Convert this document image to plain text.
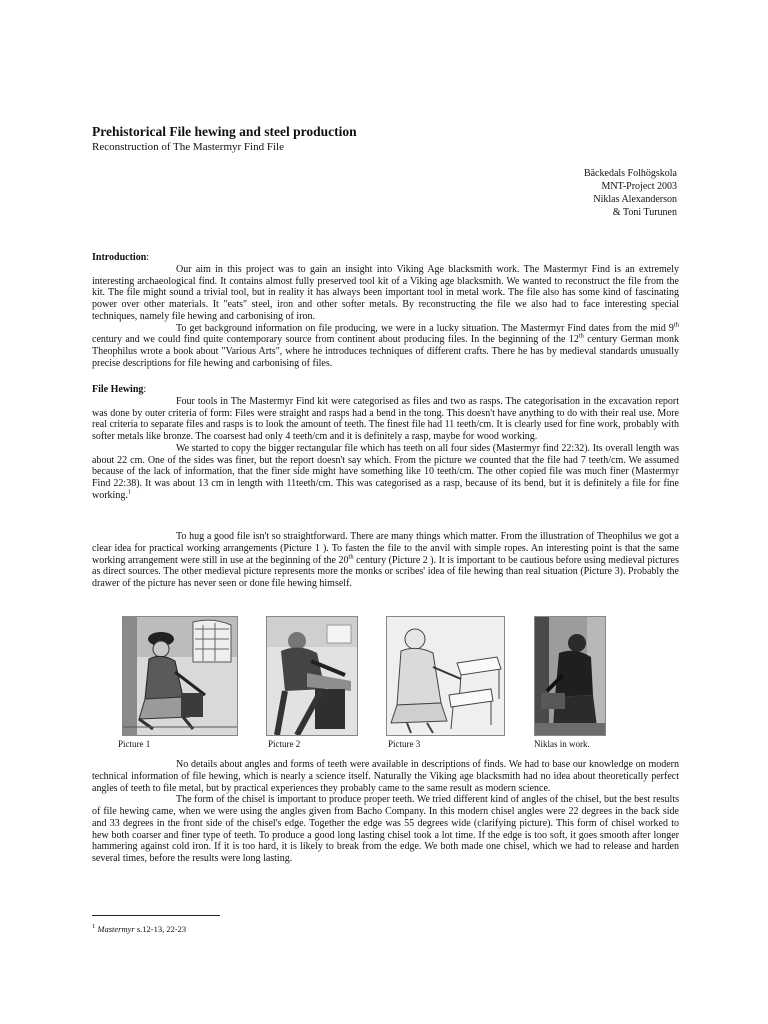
Prehistorical File hewing and steel production
Reconstruction of The Mastermyr Find File
Bäckedals Folhögskola
MNT-Project 2003
Niklas Alexanderson
& Toni Turunen

Introduction:

Our aim in this project was to gain an insight into Viking Age blacksmith work. The Mastermyr Find is an extremely interesting archaeological find. It contains almost fully preserved tool kit of a Viking age blacksmith. We wanted to reconstruct the file from the kit. The file might sound a trivial tool, but in reality it has always been important tool in metal work. The file also has some kind of fascinating power over other materials. It "eats" steel, iron and other softer metals. By reconstructing the file we also had to face interesting special techniques, namely file hewing and carbonising of iron.

To get background information on file producing, we were in a lucky situation. The Mastermyr Find dates from the mid 9th century and we could find quite contemporary source from continent about producing files. In the beginning of the 12th century German monk Theophilus wrote a book about "Various Arts", where he introduces techniques of different crafts. There he has by medieval standards unusually precise descriptions for file hewing and carbonising of files.

File Hewing:

Four tools in The Mastermyr Find kit were categorised as files and two as rasps. The categorisation in the excavation report was done by outer criteria of form: Files were straight and rasps had a bend in the tong. This doesn't have anything to do with their real use. More real criteria to separate files and rasps is to look the amount of teeth. The finest file had 11 teeth/cm. It is clearly used for fine work, probably with softer metals like bronze. The coarsest had only 4 teeth/cm and it is definitely a rasp, maybe for wood working.

We started to copy the bigger rectangular file which has teeth on all four sides (Mastermyr find 22:32). Its overall length was about 22 cm. One of the sides was finer, but the report doesn't say which. From the picture we counted that the file had 7 teeth/cm. We assumed because of the lack of information, that the finer side might have something like 10 teeth/cm. The other copied file was much finer (Mastermyr Find 22:38). It was about 13 cm in length with 11teeth/cm. This was categorised as a rasp, because of its bend, but it is definitely a file for fine working.$^1$

To hug a good file isn't so straightforward. There are many things which matter. From the illustration of Theophilus we got a clear idea for practical working arrangements (Picture 1 ). To fasten the file to the anvil with simple ropes. An interesting point is that the same working arrangement were still in use at the beginning of the 20th century (Picture 2 ). It is important to be cautious before using medieval pictures as direct sources. The other medieval picture represents more the monks or scribes' idea of file hewing than real situation (Picture 3). Probably the drawer of the picture has never seen or done file hewing himself.

Picture 1	Picture 2	Picture 3	Niklas in work.

No details about angles and forms of teeth were available in descriptions of finds. We had to base our knowledge on modern technical information of file hewing, which is nearly a science itself. Naturally the Viking age blacksmith had no idea about theoretically perfect angles of teeth to file metal, but by practical experiences they probably came to the same result as modern science.

The form of the chisel is important to produce proper teeth. We tried different kind of angles of the chisel, but the best results of file hewing came, when we were using the angles given from Bacho Company. In this modern chisel angles were 22 degrees in the back side and 33 degrees in the front side of the chisel's edge. Together the edge was 55 degrees wide (clarifying picture). This form of chisel worked to hew both coarser and finer type of teeth. To produce a good long lasting chisel took a lot time. If the edge is too soft, it goes smooth after longer hammering against cold iron. If it is too hard, it is likely to break from the edge. We both made one chisel, which we had to release and harden several times, before the results were long lasting.

$^1$ Mastermyr s.12-13, 22-23
